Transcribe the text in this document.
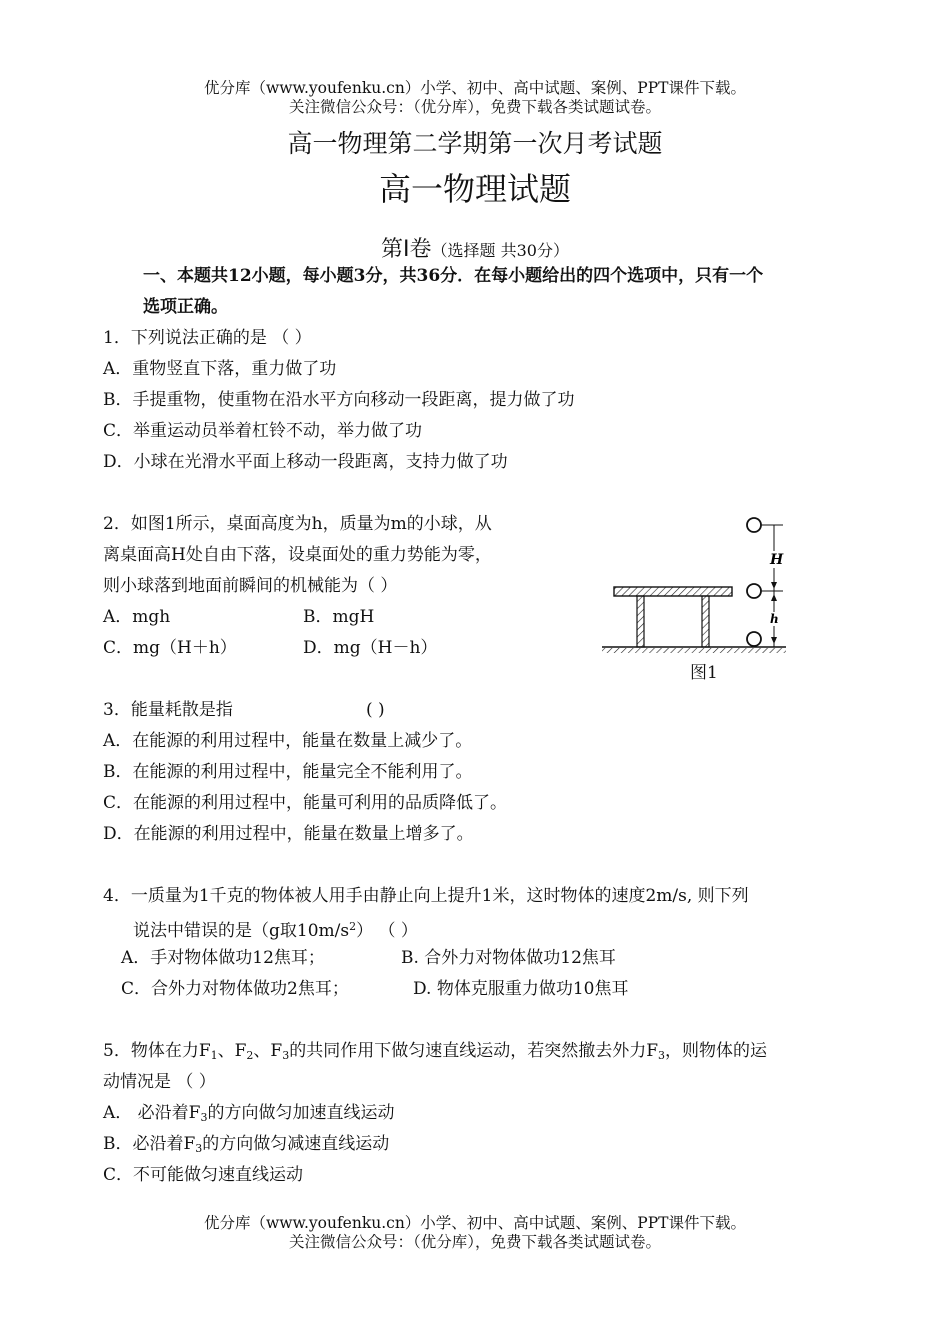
优分库（www.youfenku.cn）小学、初中、高中试题、案例、PPT课件下载。
关注微信公众号：（优分库），免费下载各类试题试卷。
高一物理第二学期第一次月考试题
高一物理试题
第Ⅰ卷（选择题 共30分）
一、本题共12小题，每小题3分，共36分．在每小题给出的四个选项中，只有一个
选项正确。
1．下列说法正确的是 （ ）
A．重物竖直下落，重力做了功
B．手提重物，使重物在沿水平方向移动一段距离，提力做了功
C．举重运动员举着杠铃不动，举力做了功
D．小球在光滑水平面上移动一段距离，支持力做了功
2．如图1所示，桌面高度为h，质量为m的小球，从
离桌面高H处自由下落，设桌面处的重力势能为零，
则小球落到地面前瞬间的机械能为（ ）
A．mgh	B．mgH
C．mg（H＋h）	D．mg（H－h）
H
h
图1
3．能量耗散是指	( )
A．在能源的利用过程中，能量在数量上减少了。
B．在能源的利用过程中，能量完全不能利用了。
C．在能源的利用过程中，能量可利用的品质降低了。
D．在能源的利用过程中，能量在数量上增多了。
4．一质量为1千克的物体被人用手由静止向上提升1米，这时物体的速度2m/s, 则下列
说法中错误的是（g取$10m/s^2$） （ ）
A．手对物体做功12焦耳；	B. 合外力对物体做功12焦耳
C．合外力对物体做功2焦耳；	D. 物体克服重力做功10焦耳
5．物体在力$F_1$、$F_2$、$F_3$的共同作用下做匀速直线运动，若突然撤去外力$F_3$，则物体的运
动情况是 （ ）
A． 必沿着$F_3$的方向做匀加速直线运动
B．必沿着$F_3$的方向做匀减速直线运动
C．不可能做匀速直线运动
优分库（www.youfenku.cn）小学、初中、高中试题、案例、PPT课件下载。
关注微信公众号：（优分库），免费下载各类试题试卷。
